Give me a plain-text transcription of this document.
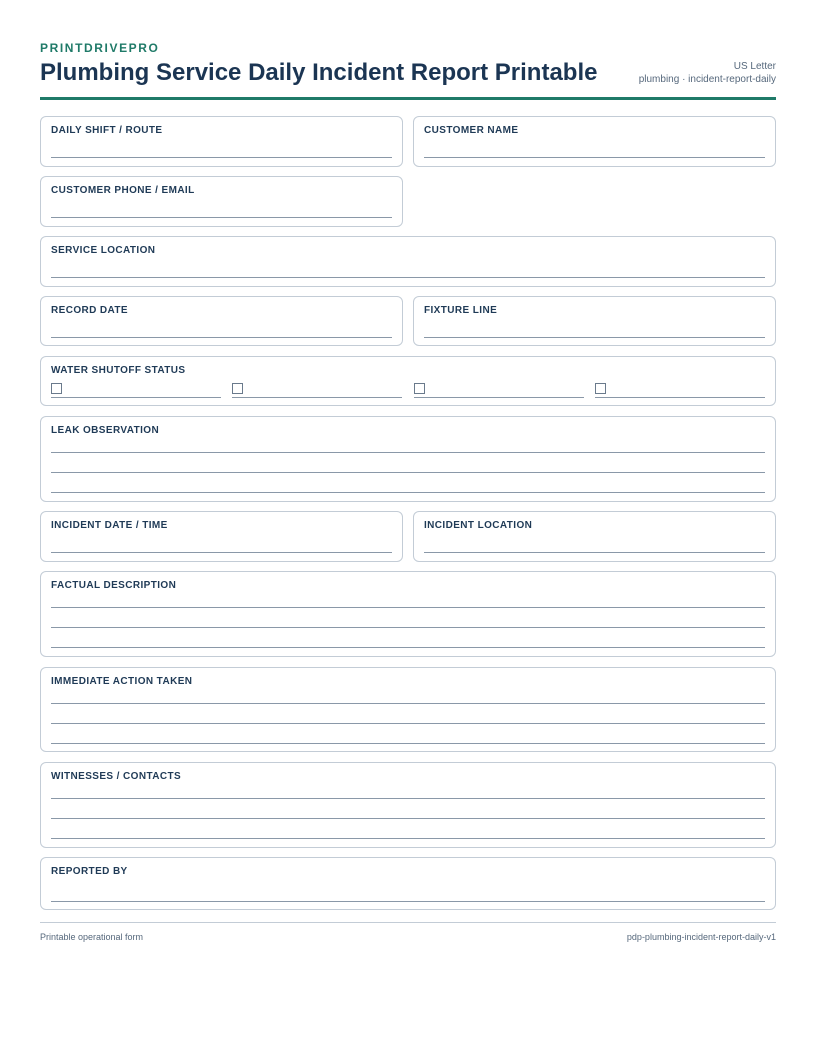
PRINTDRIVEPRO
Plumbing Service Daily Incident Report Printable	US Letter
plumbing · incident-report-daily
DAILY SHIFT / ROUTE	CUSTOMER NAME
CUSTOMER PHONE / EMAIL
SERVICE LOCATION
RECORD DATE	FIXTURE LINE
WATER SHUTOFF STATUS
LEAK OBSERVATION
INCIDENT DATE / TIME	INCIDENT LOCATION
FACTUAL DESCRIPTION
IMMEDIATE ACTION TAKEN
WITNESSES / CONTACTS
REPORTED BY
Printable operational form	pdp-plumbing-incident-report-daily-v1
